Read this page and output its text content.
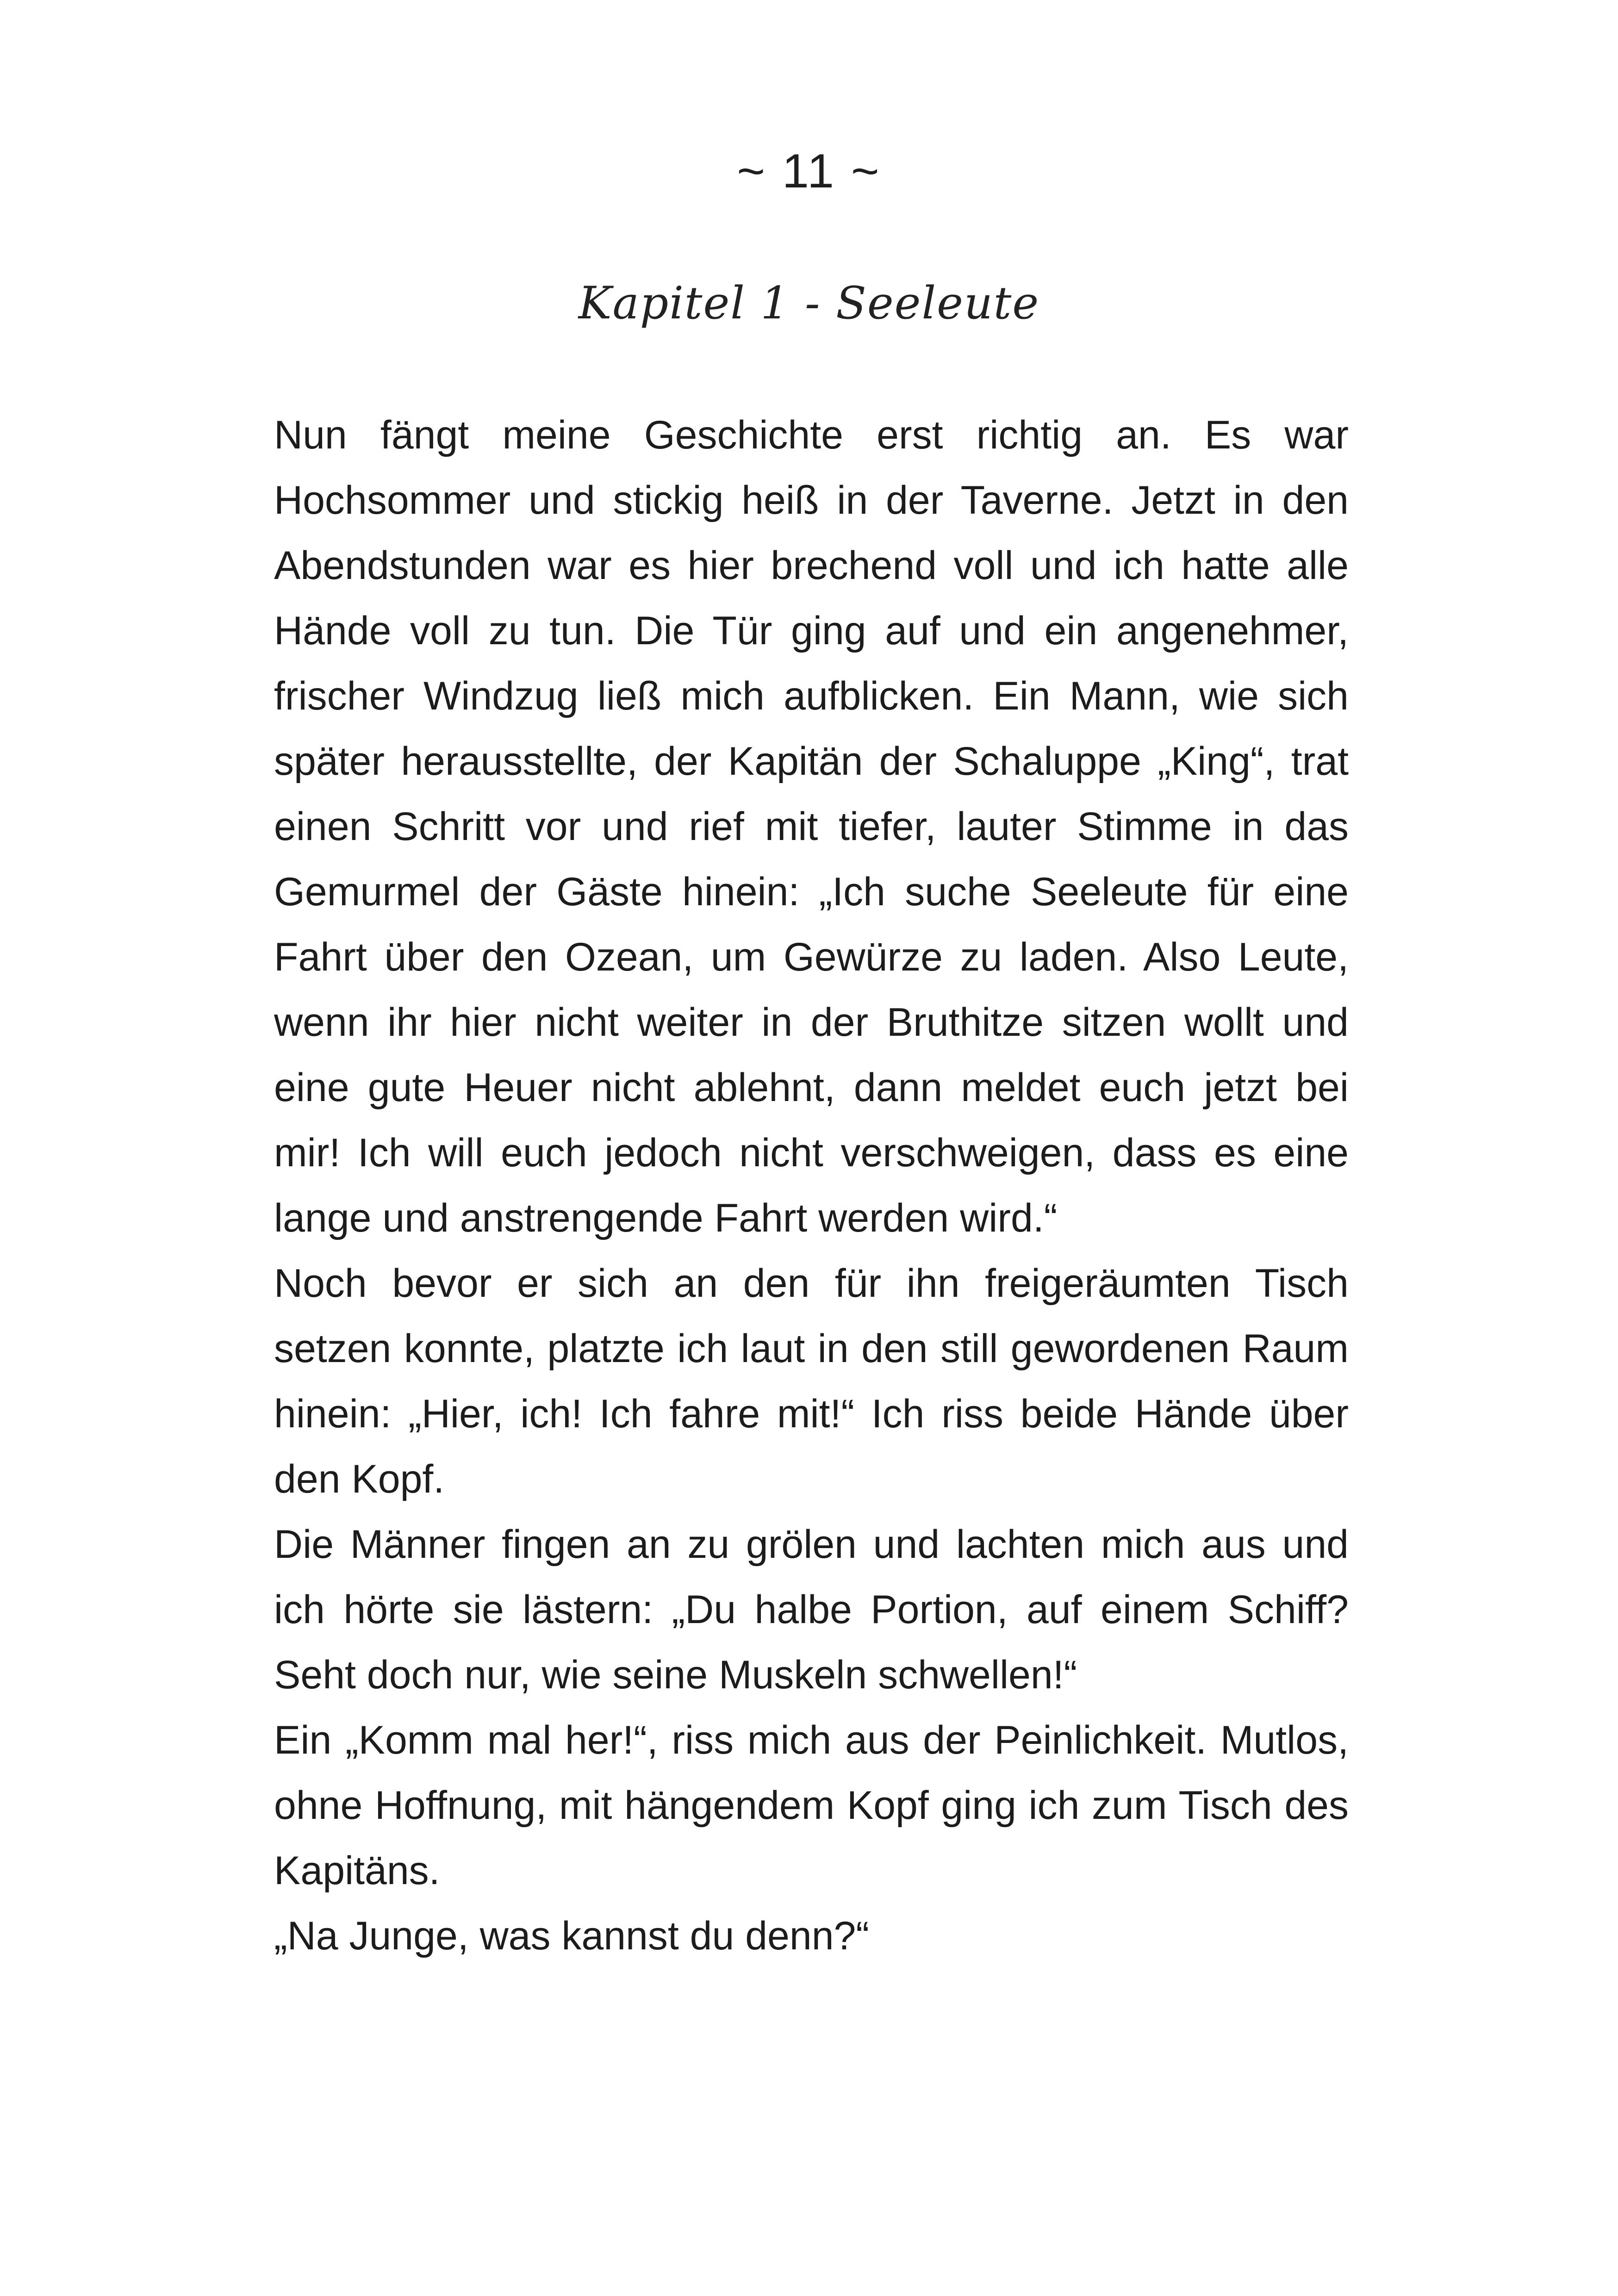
~ 11 ~
Kapitel 1 - Seeleute

Nun fängt meine Geschichte erst richtig an. Es war Hochsommer und stickig heiß in der Taverne. Jetzt in den Abendstunden war es hier brechend voll und ich hatte alle Hände voll zu tun. Die Tür ging auf und ein angenehmer, frischer Windzug ließ mich aufblicken. Ein Mann, wie sich später herausstellte, der Kapitän der Schaluppe „King“, trat einen Schritt vor und rief mit tiefer, lauter Stimme in das Gemurmel der Gäste hinein: „Ich suche Seeleute für eine Fahrt über den Ozean, um Gewürze zu laden. Also Leute, wenn ihr hier nicht weiter in der Bruthitze sitzen wollt und eine gute Heuer nicht ablehnt, dann meldet euch jetzt bei mir! Ich will euch jedoch nicht verschweigen, dass es eine lange und anstrengende Fahrt werden wird.“

Noch bevor er sich an den für ihn freigeräumten Tisch setzen konnte, platzte ich laut in den still gewordenen Raum hinein: „Hier, ich! Ich fahre mit!“ Ich riss beide Hände über den Kopf.

Die Männer fingen an zu grölen und lachten mich aus und ich hörte sie lästern: „Du halbe Portion, auf einem Schiff? Seht doch nur, wie seine Muskeln schwellen!“

Ein „Komm mal her!“, riss mich aus der Peinlichkeit. Mutlos, ohne Hoffnung, mit hängendem Kopf ging ich zum Tisch des Kapitäns.

„Na Junge, was kannst du denn?“
